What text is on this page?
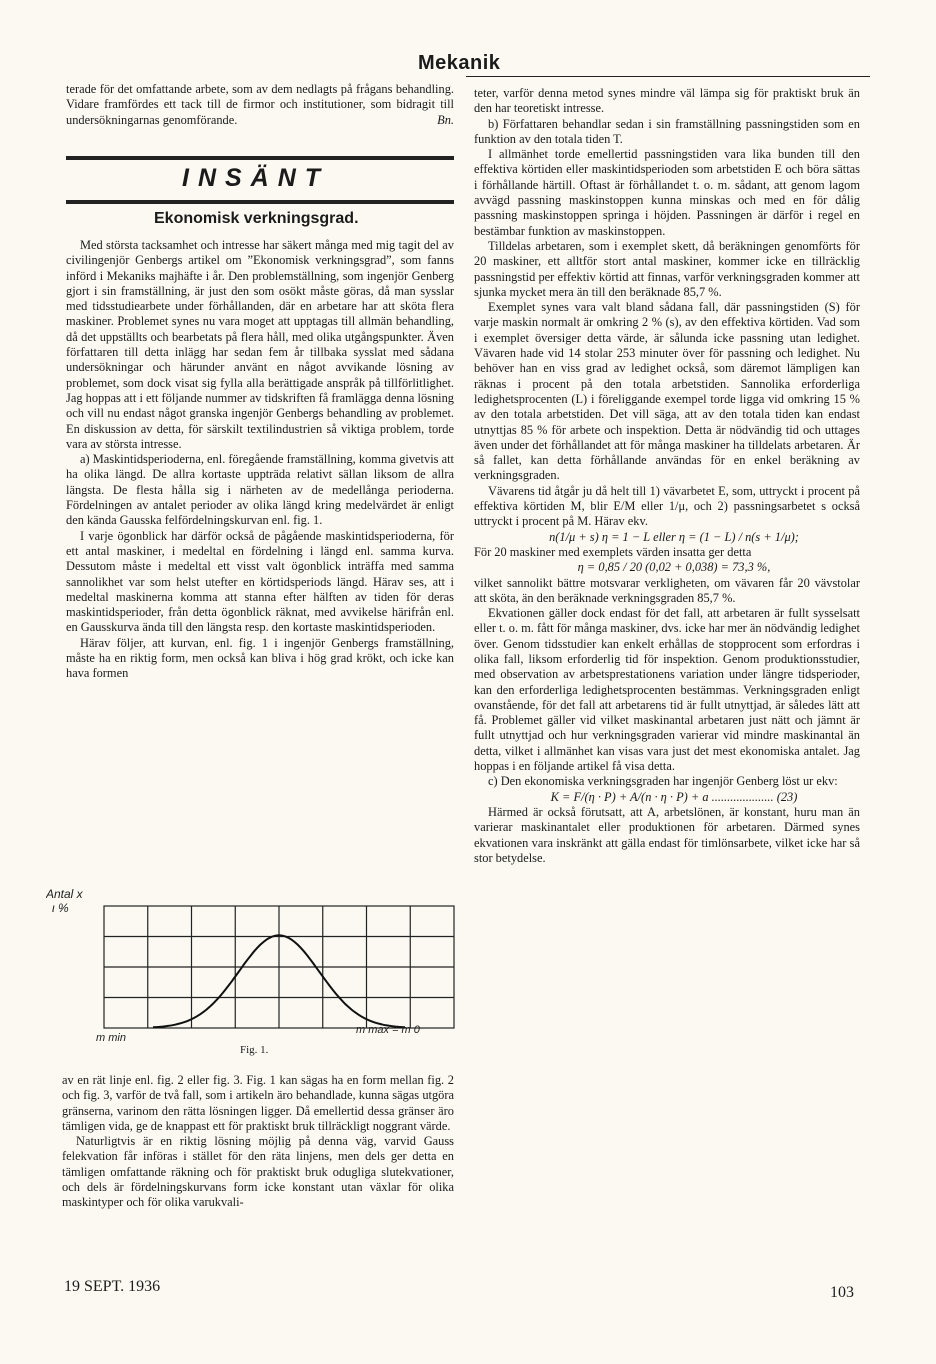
Mekanik

terade för det omfattande arbete, som av dem nedlagts på frågans behandling. Vidare framfördes ett tack till de firmor och institutioner, som bidragit till undersökningarnas genomförande.	Bn.

INSÄNT
Ekonomisk verkningsgrad.

Med största tacksamhet och intresse har säkert många med mig tagit del av civilingenjör Genbergs artikel om ”Ekonomisk verkningsgrad”, som fanns införd i Mekaniks majhäfte i år. Den problemställning, som ingenjör Genberg gjort i sin framställning, är just den som osökt måste göras, då man sysslar med tidsstudiearbete under förhållanden, där en arbetare har att sköta flera maskiner. Problemet synes nu vara moget att upptagas till allmän behandling, då det uppställts och bearbetats på flera håll, med olika utgångspunkter. Även författaren till detta inlägg har sedan fem år tillbaka sysslat med sådana undersökningar och härunder använt en något avvikande lösning av problemet, som dock visat sig fylla alla berättigade anspråk på tillförlitlighet. Jag hoppas att i ett följande nummer av tidskriften få framlägga denna lösning och vill nu endast något granska ingenjör Genbergs behandling av problemet. En diskussion av detta, för särskilt textilindustrien så viktiga problem, torde vara av största intresse.

a) Maskintidsperioderna, enl. föregående framställning, komma givetvis att ha olika längd. De allra kortaste uppträda relativt sällan liksom de allra längsta. De flesta hålla sig i närheten av de medellånga perioderna. Fördelningen av antalet perioder av olika längd kring medelvärdet är enligt den kända Gausska felfördelningskurvan enl. fig. 1.

I varje ögonblick har därför också de pågående maskintidsperioderna, för ett antal maskiner, i medeltal en fördelning i längd enl. samma kurva. Dessutom måste i medeltal ett visst valt ögonblick inträffa med samma sannolikhet var som helst utefter en körtidsperiods längd. Härav ses, att i medeltal maskinerna komma att stanna efter hälften av tiden för deras maskintidsperioder, från detta ögonblick räknat, med avvikelse härifrån enl. en Gausskurva ända till den längsta resp. den kortaste maskintidsperioden.

Härav följer, att kurvan, enl. fig. 1 i ingenjör Genbergs framställning, måste ha en riktig form, men också kan bliva i hög grad krökt, och icke kan hava formen

Antal x
ι %
m min
m max = m 0
Fig. 1.

av en rät linje enl. fig. 2 eller fig. 3. Fig. 1 kan sägas ha en form mellan fig. 2 och fig. 3, varför de två fall, som i artikeln äro behandlade, kunna sägas utgöra gränserna, varinom den rätta lösningen ligger. Då emellertid dessa gränser äro tämligen vida, ge de knappast ett för praktiskt bruk tillräckligt noggrant värde.

Naturligtvis är en riktig lösning möjlig på denna väg, varvid Gauss felekvation får införas i stället för den räta linjens, men dels ger detta en tämligen omfattande räkning och för praktiskt bruk odugliga slutekvationer, och dels är fördelningskurvans form icke konstant utan växlar för olika maskintyper och för olika varukvali-

teter, varför denna metod synes mindre väl lämpa sig för praktiskt bruk än den har teoretiskt intresse.

b) Författaren behandlar sedan i sin framställning passningstiden som en funktion av den totala tiden T.

I allmänhet torde emellertid passningstiden vara lika bunden till den effektiva körtiden eller maskintidsperioden som arbetstiden E och böra sättas i förhållande härtill. Oftast är förhållandet t. o. m. sådant, att genom lagom avvägd passning maskinstoppen kunna minskas och med en för dålig passning maskinstoppen springa i höjden. Passningen är därför i regel en bestämbar funktion av maskinstoppen.

Tilldelas arbetaren, som i exemplet skett, då beräkningen genomförts för 20 maskiner, ett alltför stort antal maskiner, kommer icke en tillräcklig passningstid per effektiv körtid att finnas, varför verkningsgraden kommer att sjunka mycket mera än till den beräknade 85,7 %.

Exemplet synes vara valt bland sådana fall, där passningstiden (S) för varje maskin normalt är omkring 2 % (s), av den effektiva körtiden. Vad som i exemplet översiger detta värde, är sålunda icke passning utan ledighet. Vävaren hade vid 14 stolar 253 minuter över för passning och ledighet. Nu behöver han en viss grad av ledighet också, som däremot lämpligen kan räknas i procent på den totala arbetstiden. Sannolika erforderliga ledighetsprocenten (L) i föreliggande exempel torde ligga vid omkring 15 % av den totala arbetstiden. Det vill säga, att av den totala tiden kan endast utnyttjas 85 % för arbete och inspektion. Detta är nödvändig tid och uttages även under det förhållandet att för många maskiner ha tilldelats arbetaren. Är så fallet, kan detta förhållande användas för en enkel beräkning av verkningsgraden.

Vävarens tid åtgår ju då helt till 1) vävarbetet E, som, uttryckt i procent på effektiva körtiden M, blir E/M eller 1/μ, och 2) passningsarbetet s också uttryckt i procent på M. Härav ekv.

n(1/μ + s) η = 1 − L eller η = (1 − L) / n(s + 1/μ);

För 20 maskiner med exemplets värden insatta ger detta

η = 0,85 / 20 (0,02 + 0,038) = 73,3 %,

vilket sannolikt bättre motsvarar verkligheten, om vävaren får 20 vävstolar att sköta, än den beräknade verkningsgraden 85,7 %.

Ekvationen gäller dock endast för det fall, att arbetaren är fullt sysselsatt eller t. o. m. fått för många maskiner, dvs. icke har mer än nödvändig ledighet över. Genom tidsstudier kan enkelt erhållas de stopprocent som erfordras i olika fall, liksom erforderlig tid för inspektion. Genom produktionsstudier, med observation av arbetsprestationens variation under längre tidsperioder, kan den erforderliga ledighetsprocenten bestämmas. Verkningsgraden enligt ovanstående, för det fall att arbetarens tid är fullt utnyttjad, är således lätt att få. Problemet gäller vid vilket maskinantal arbetaren just nätt och jämnt är fullt utnyttjad och hur verkningsgraden varierar vid mindre maskinantal än detta, vilket i allmänhet kan visas vara just det mest ekonomiska antalet. Jag hoppas i en följande artikel få visa detta.

c) Den ekonomiska verkningsgraden har ingenjör Genberg löst ur ekv:

K = F/(η · P) + A/(n · η · P) + a .................... (23)

Härmed är också förutsatt, att A, arbetslönen, är konstant, huru man än varierar maskinantalet eller produktionen för arbetaren. Därmed synes ekvationen vara inskränkt att gälla endast för timlönsarbete, vilket icke har så stor betydelse.

19 SEPT. 1936	103
